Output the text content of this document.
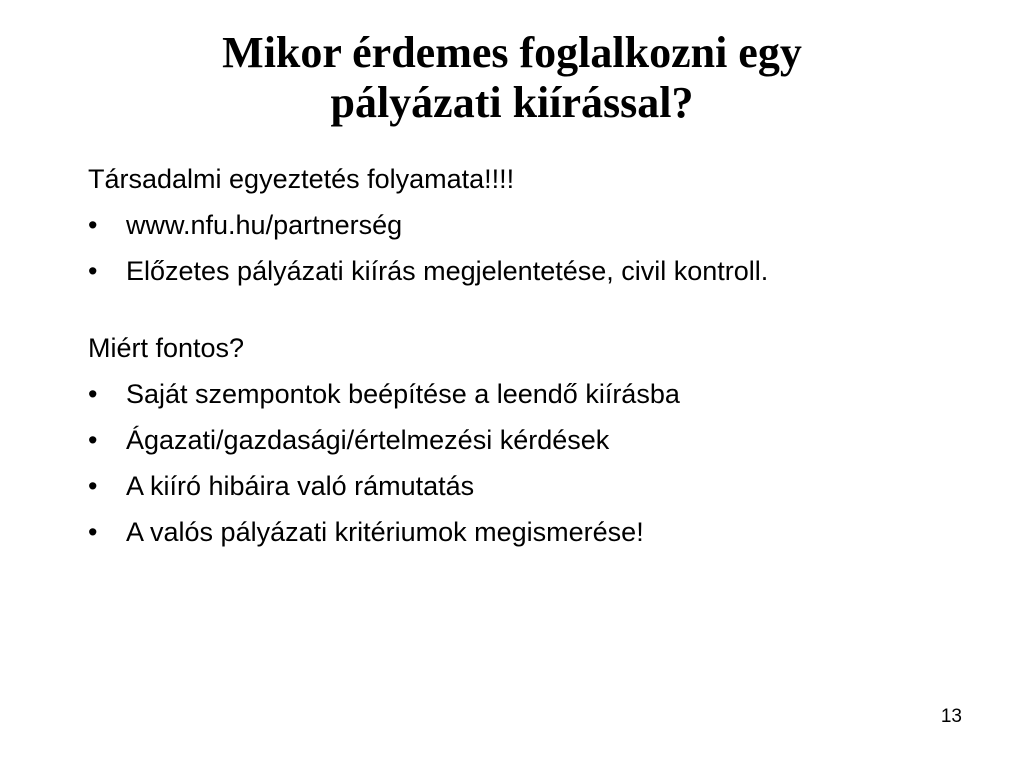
Mikor érdemes foglalkozni egy
pályázati kiírással?
Társadalmi egyeztetés folyamata!!!!
• www.nfu.hu/partnerség
• Előzetes pályázati kiírás megjelentetése, civil kontroll.
Miért fontos?
• Saját szempontok beépítése a leendő kiírásba
• Ágazati/gazdasági/értelmezési kérdések
• A kiíró hibáira való rámutatás
• A valós pályázati kritériumok megismerése!
13
